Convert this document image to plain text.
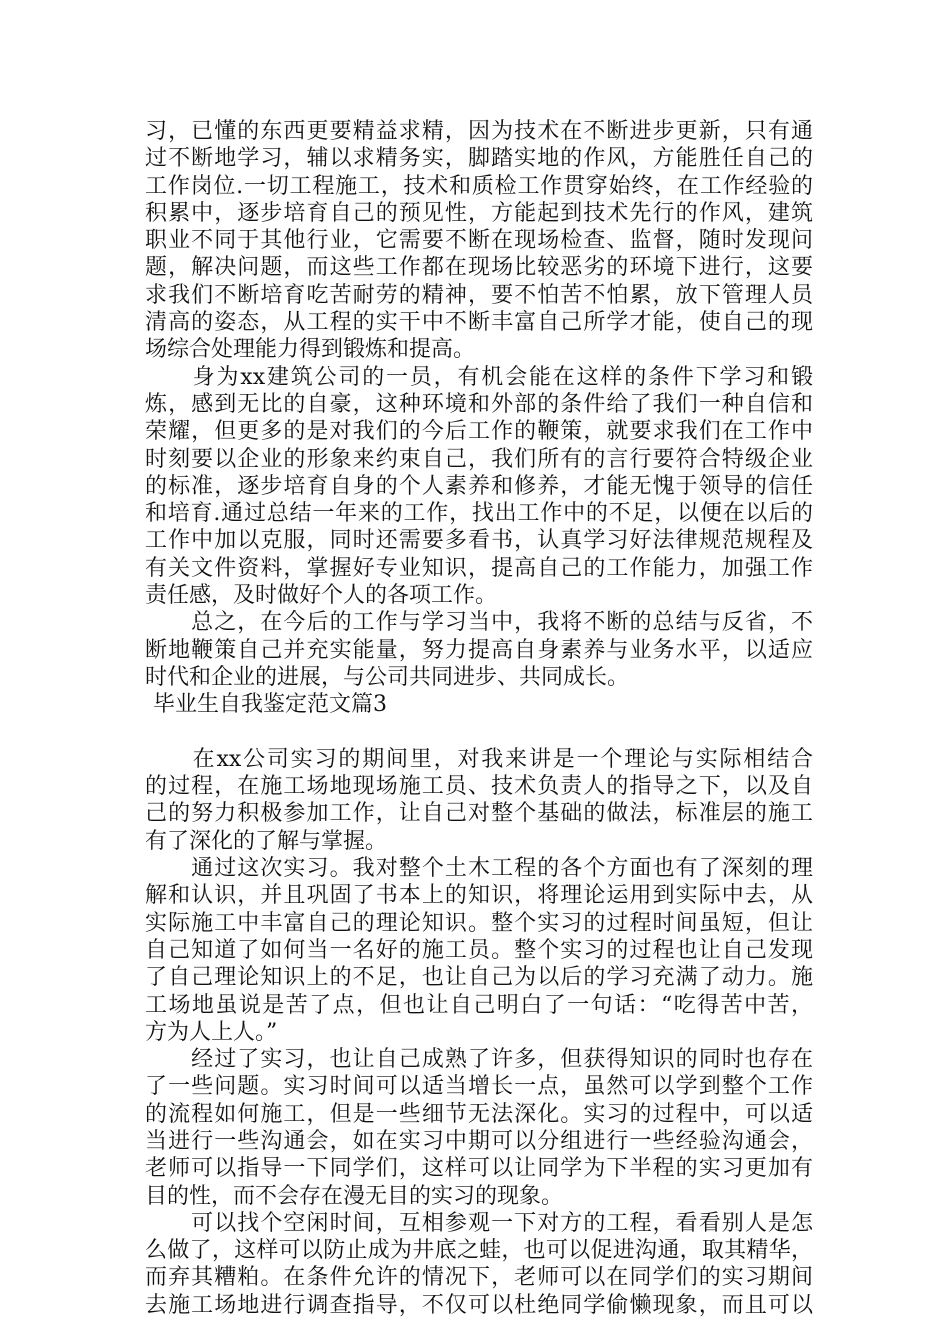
习，已懂的东西更要精益求精，因为技术在不断进步更新，只有通
过不断地学习，辅以求精务实，脚踏实地的作风，方能胜任自己的
工作岗位.一切工程施工，技术和质检工作贯穿始终，在工作经验的
积累中，逐步培育自己的预见性，方能起到技术先行的作风，建筑
职业不同于其他行业，它需要不断在现场检查、监督，随时发现问
题，解决问题，而这些工作都在现场比较恶劣的环境下进行，这要
求我们不断培育吃苦耐劳的精神，要不怕苦不怕累，放下管理人员
清高的姿态，从工程的实干中不断丰富自己所学才能，使自己的现
场综合处理能力得到锻炼和提高。
　　身为xx建筑公司的一员，有机会能在这样的条件下学习和锻
炼，感到无比的自豪，这种环境和外部的条件给了我们一种自信和
荣耀，但更多的是对我们的今后工作的鞭策，就要求我们在工作中
时刻要以企业的形象来约束自己，我们所有的言行要符合特级企业
的标准，逐步培育自身的个人素养和修养，才能无愧于领导的信任
和培育.通过总结一年来的工作，找出工作中的不足，以便在以后的
工作中加以克服，同时还需要多看书，认真学习好法律规范规程及
有关文件资料，掌握好专业知识，提高自己的工作能力，加强工作
责任感，及时做好个人的各项工作。
　　总之，在今后的工作与学习当中，我将不断的总结与反省，不
断地鞭策自己并充实能量，努力提高自身素养与业务水平，以适应
时代和企业的进展，与公司共同进步、共同成长。
毕业生自我鉴定范文篇3
　　在xx公司实习的期间里，对我来讲是一个理论与实际相结合
的过程，在施工场地现场施工员、技术负责人的指导之下，以及自
己的努力积极参加工作，让自己对整个基础的做法，标准层的施工
有了深化的了解与掌握。
　　通过这次实习。我对整个土木工程的各个方面也有了深刻的理
解和认识，并且巩固了书本上的知识，将理论运用到实际中去，从
实际施工中丰富自己的理论知识。整个实习的过程时间虽短，但让
自己知道了如何当一名好的施工员。整个实习的过程也让自己发现
了自己理论知识上的不足，也让自己为以后的学习充满了动力。施
工场地虽说是苦了点，但也让自己明白了一句话：“吃得苦中苦，
方为人上人。”
　　经过了实习，也让自己成熟了许多，但获得知识的同时也存在
了一些问题。实习时间可以适当增长一点，虽然可以学到整个工作
的流程如何施工，但是一些细节无法深化。实习的过程中，可以适
当进行一些沟通会，如在实习中期可以分组进行一些经验沟通会，
老师可以指导一下同学们，这样可以让同学为下半程的实习更加有
目的性，而不会存在漫无目的实习的现象。
　　可以找个空闲时间，互相参观一下对方的工程，看看别人是怎
么做了，这样可以防止成为井底之蛙，也可以促进沟通，取其精华，
而弃其糟粕。在条件允许的情况下，老师可以在同学们的实习期间
去施工场地进行调查指导，不仅可以杜绝同学偷懒现象，而且可以
